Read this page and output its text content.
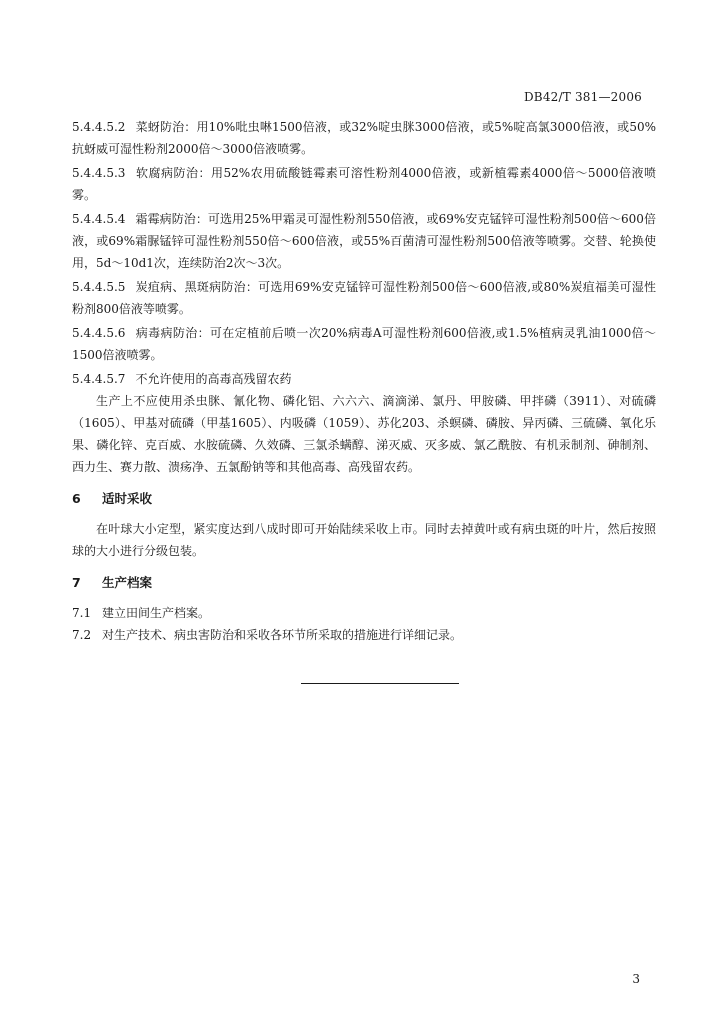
DB42/T 381—2006

5.4.4.5.2 菜蚜防治：用10%吡虫啉1500倍液，或32%啶虫脒3000倍液，或5%啶高氯3000倍液，或50%抗蚜威可湿性粉剂2000倍～3000倍液喷雾。

5.4.4.5.3 软腐病防治：用52%农用硫酸链霉素可溶性粉剂4000倍液，或新植霉素4000倍～5000倍液喷雾。

5.4.4.5.4 霜霉病防治：可选用25%甲霜灵可湿性粉剂550倍液，或69%安克锰锌可湿性粉剂500倍～600倍液，或69%霜脲锰锌可湿性粉剂550倍～600倍液，或55%百菌清可湿性粉剂500倍液等喷雾。交替、轮换使用，5d～10d1次，连续防治2次～3次。

5.4.4.5.5 炭疽病、黑斑病防治：可选用69%安克锰锌可湿性粉剂500倍～600倍液,或80%炭疽福美可湿性粉剂800倍液等喷雾。

5.4.4.5.6 病毒病防治：可在定植前后喷一次20%病毒A可湿性粉剂600倍液,或1.5%植病灵乳油1000倍～1500倍液喷雾。

5.4.4.5.7 不允许使用的高毒高残留农药

生产上不应使用杀虫脒、氰化物、磷化铝、六六六、滴滴涕、氯丹、甲胺磷、甲拌磷（3911）、对硫磷（1605）、甲基对硫磷（甲基1605）、内吸磷（1059）、苏化203、杀螟磷、磷胺、异丙磷、三硫磷、氧化乐果、磷化锌、克百威、水胺硫磷、久效磷、三氯杀螨醇、涕灭威、灭多威、氯乙酰胺、有机汞制剂、砷制剂、西力生、赛力散、溃疡净、五氯酚钠等和其他高毒、高残留农药。

6 适时采收

在叶球大小定型，紧实度达到八成时即可开始陆续采收上市。同时去掉黄叶或有病虫斑的叶片，然后按照球的大小进行分级包装。

7 生产档案

7.1 建立田间生产档案。

7.2 对生产技术、病虫害防治和采收各环节所采取的措施进行详细记录。

3
